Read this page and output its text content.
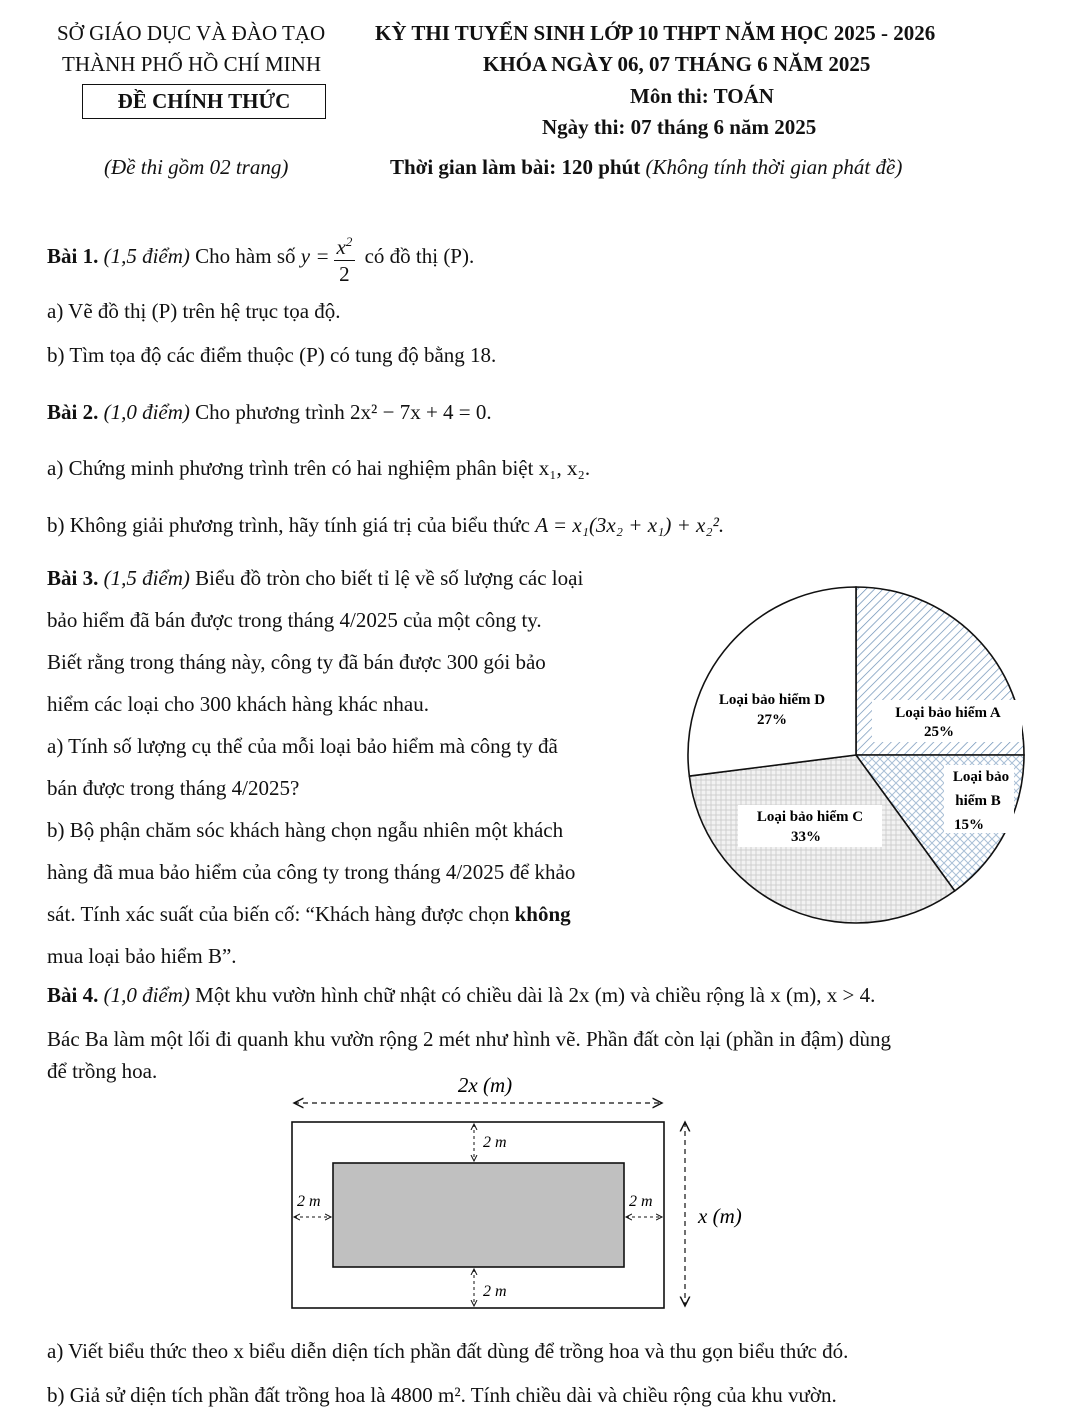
SỞ GIÁO DỤC VÀ ĐÀO TẠO
THÀNH PHỐ HỒ CHÍ MINH
ĐỀ CHÍNH THỨC
KỲ THI TUYỂN SINH LỚP 10 THPT NĂM HỌC 2025 - 2026
KHÓA NGÀY 06, 07 THÁNG 6 NĂM 2025
Môn thi: TOÁN
Ngày thi: 07 tháng 6 năm 2025
(Đề thi gồm 02 trang)	Thời gian làm bài: 120 phút (Không tính thời gian phát đề)
Bài 1. (1,5 điểm) Cho hàm số $y = \frac{x^2}{2}$ có đồ thị (P).
a) Vẽ đồ thị (P) trên hệ trục tọa độ.
b) Tìm tọa độ các điểm thuộc (P) có tung độ bằng 18.
Bài 2. (1,0 điểm) Cho phương trình 2x² − 7x + 4 = 0.
a) Chứng minh phương trình trên có hai nghiệm phân biệt x₁, x₂.
b) Không giải phương trình, hãy tính giá trị của biểu thức A = x₁(3x₂ + x₁) + x₂².
Bài 3. (1,5 điểm) Biểu đồ tròn cho biết tỉ lệ về số lượng các loại
bảo hiểm đã bán được trong tháng 4/2025 của một công ty.
Biết rằng trong tháng này, công ty đã bán được 300 gói bảo
hiểm các loại cho 300 khách hàng khác nhau.
a) Tính số lượng cụ thể của mỗi loại bảo hiểm mà công ty đã
bán được trong tháng 4/2025?
b) Bộ phận chăm sóc khách hàng chọn ngẫu nhiên một khách
hàng đã mua bảo hiểm của công ty trong tháng 4/2025 để khảo
sát. Tính xác suất của biến cố: “Khách hàng được chọn không
mua loại bảo hiểm B”.
Loại bảo hiểm A
25%
Loại bảo
hiểm B
15%
Loại bảo hiểm C
33%
Loại bảo hiểm D
27%
Bài 4. (1,0 điểm) Một khu vườn hình chữ nhật có chiều dài là 2x (m) và chiều rộng là x (m), x > 4.
Bác Ba làm một lối đi quanh khu vườn rộng 2 mét như hình vẽ. Phần đất còn lại (phần in đậm) dùng
để trồng hoa.
2x (m)
2 m
2 m
2 m	2 m
x (m)
a) Viết biểu thức theo x biểu diễn diện tích phần đất dùng để trồng hoa và thu gọn biểu thức đó.
b) Giả sử diện tích phần đất trồng hoa là 4800 m². Tính chiều dài và chiều rộng của khu vườn.
